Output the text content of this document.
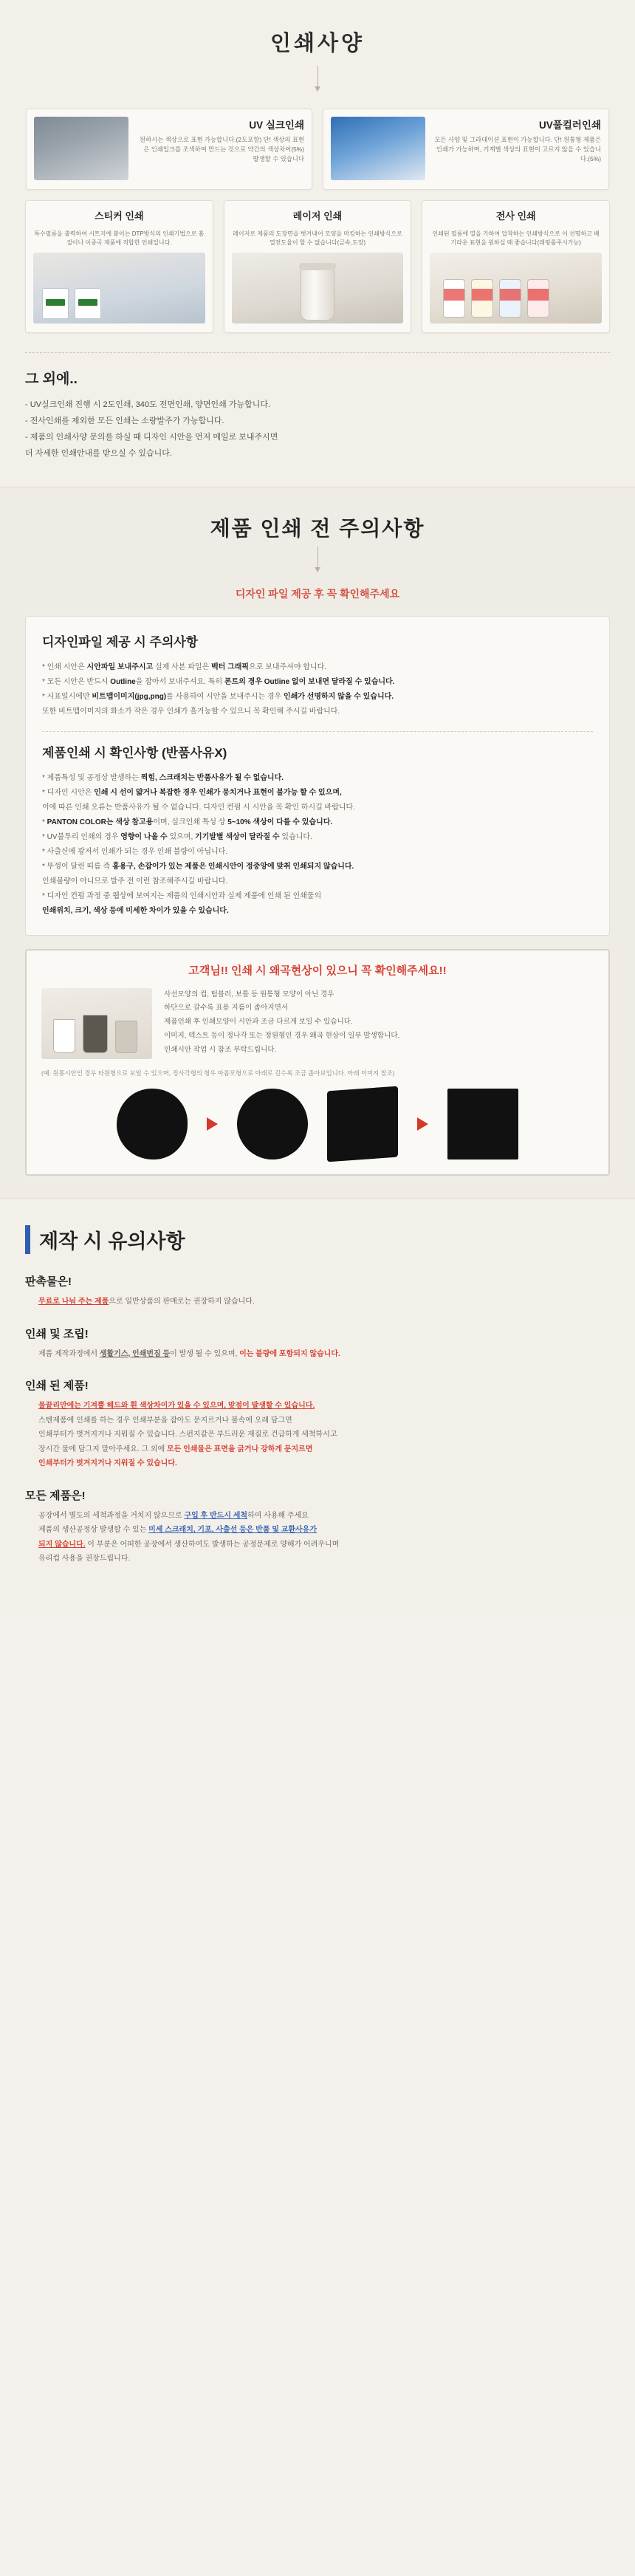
인쇄사양
UV 실크인쇄
원하시는 색상으로 표현 가능합니다.(2도포함) 단! 색상의 표현은 인쇄입크를 조색하여 만드는 것으로 약간의 색상차이(5%) 발생할 수 있습니다
UV풀컬러인쇄
모든 사양 및 그라데이션 표현이 가능합니다. 단! 원통형 제품은 인쇄가 가능하며, 기계별 색상의 표현이 고르지 않을 수 있습니다.(5%)
스티커 인쇄
특수필름을 출력하여 시트지에 붙이는 DTP방식의 인쇄기법으로 홈질이나 이중곡 제품에 적합한 인쇄입니다.
레이저 인쇄
레이저로 제품의 도장면을 벗겨내어 모양을 마킹하는 인쇄방식으로 열전도율이 할 수 없습니다(금속,도장)
전사 인쇄
인쇄된 필름에 열을 가하여 압착하는 인쇄방식으로 이 선명하고 배기라운 표현을 원하실 때 좋습니다(래핑롤주시가능)
그 외에..
- UV실크인쇄 진행 시 2도인쇄, 340도 전면인쇄, 양면인쇄 가능합니다.
- 전사인쇄를 제외한 모든 인쇄는 소량발주가 가능합니다.
- 제품의 인쇄사양 문의를 하실 때 디자인 시안을 먼저 메일로 보내주시면
더 자세한 인쇄안내를 받으실 수 있습니다.
제품 인쇄 전 주의사항
디자인 파일 제공 후 꼭 확인해주세요
디자인파일 제공 시 주의사항
* 인쇄 시안은 시안파일 보내주시고 실제 사본 파일은 벡터 그래픽으로 보내주셔야 합니다.
* 모든 시안은 반드시 Outline을 잡아서 보내주셔요. 특히 폰트의 경우 Outline 없이 보내면 달라질 수 있습니다.
* 시표일시에만 비트맵이미지(jpg,png)를 사용하여 시안을 보내주시는 경우 인쇄가 선명하지 않을 수 있습니다.
또한 비트맵이미지의 화소가 작은 경우 인쇄가 흘거능할 수 있으니 꼭 확인해 주시길 바랍니다.
제품인쇄 시 확인사항 (반품사유X)
* 제품특성 및 공정상 발생하는 찍힘, 스크래치는 반품사유가 될 수 없습니다.
* 디자인 시안은 인쇄 시 선이 얇거나 복잡한 경우 인쇄가 뭉치거나 표현이 불가능 할 수 있으며,
이에 따른 인쇄 오류는 반품사유가 될 수 없습니다. 디자인 컨펌 시 시안을 꼭 확인 하시길 바랍니다.
* PANTON COLOR는 색상 참고용이며, 실크인쇄 특성 상 5~10% 색상이 다를 수 있습니다.
* UV불투리 인쇄의 경우 영향이 나올 수 있으며, 기기발별 색상이 달라질 수 있습니다.
* 사출신에 광저서 인쇄가 되는 경우 인쇄 불량이 아닙니다.
* 뚜껑이 달린 띠름 즉 홍용구, 손잡이가 있는 제품은 인쇄시안이 정중앙에 맞취 인쇄되지 않습니다.
인쇄불량이 아니므로 발주 전 이런 참조해주시길 바랍니다.
* 디자인 컨펌 과정 중 웹상에 보여지는 제품의 인쇄시안과 실제 제품에 인쇄 된 인쇄물의
인쇄위치, 크기, 색상 등에 미세한 차이가 있을 수 있습니다.
고객님!! 인쇄 시 왜곡현상이 있으니 꼭 확인해주세요!!
사선모양의 컵, 텀블러, 보틀 등 원통형 모양이 아닌 경우
하단으로 갈수록 표용 지름이 좁아지면서
제품인쇄 후 인쇄모양이 시안과 조금 다르게 보일 수 있습니다.
이미지, 텍스트 등이 정나각 또는 정원형인 경우 왜곡 현상이 일부 발생합니다.
인쇄시안 작업 시 참조 부탁드립니다.
(예: 원통시안인 경우 타원형으로 보일 수 있으며, 정사각형의 형우 마름모형으로 아래로 갈수록 조금 좁아보입니다. 아래 이미지 참조)
제작 시 유의사항
판촉물은!
무료로 나눠 주는 제품으로 일반상품의 판매로는 권장하지 않습니다.
인쇄 및 조립!
제품 제작과정에서 생활기스, 인쇄번짐 등이 발생 될 수 있으며, 이는 불량에 포함되지 않습니다.
인쇄 된 제품!
물끝리만에는 기져뿔 헤드와 흰 색상차이가 있을 수 있으며, 맞점이 발생할 수 있습니다.
스텐제품에 인쇄를 하는 경우 인쇄부분을 잡아도 문지르거나 불속에 오래 담그면
인쇄부터가 벗겨지거나 지워질 수 있습니다. 스펀지같은 부드러운 재질로 건급하게 세척하시고
장시간 물에 담그지 말아주세요. 그 외에 모든 인쇄물은 표면을 긁거나 강하게 문지르면
인쇄부터가 벗겨지거나 지워질 수 있습니다.
모든 제품은!
공장에서 별도의 세척과정을 거치지 않으므로 구입 후 반드시 세척하여 사용해 주세요
제품의 생산공정상 발생할 수 있는 미세 스크래치, 기포, 사출선 등은 반품 및 교환사유가
되지 않습니다. 이 부분은 어떠한 공장에서 생산하여도 발생하는 공정문제로 양해가 어려우니며
유리컵 사용을 권장드립니다.
